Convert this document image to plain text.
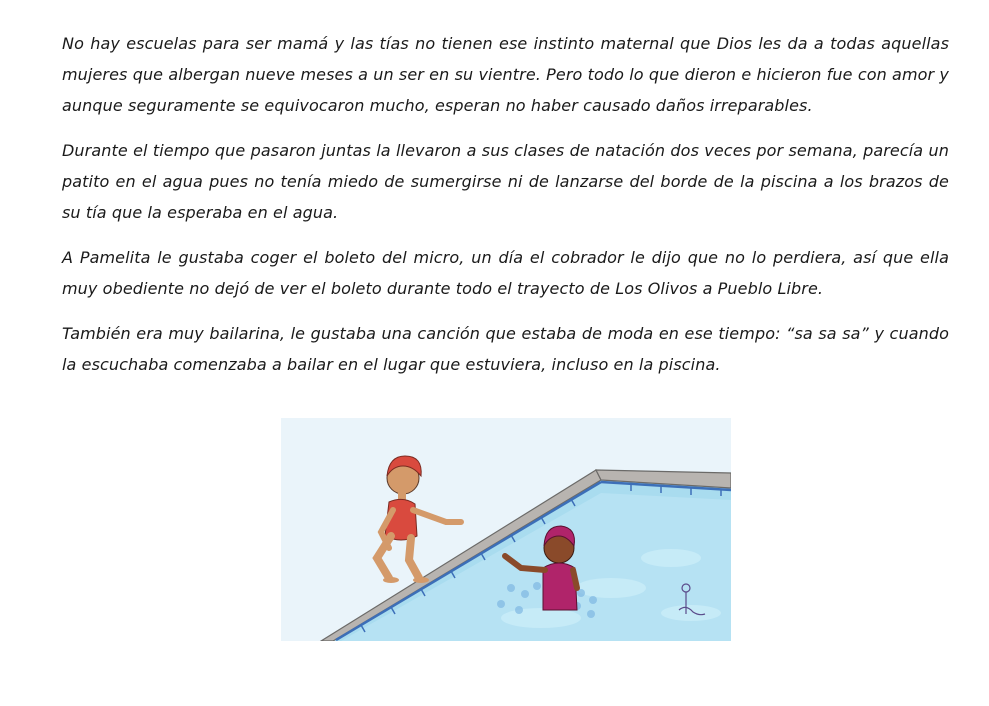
No hay escuelas para ser mamá y las tías no tienen ese instinto maternal que Dios les da a todas aquellas mujeres que albergan nueve meses a un ser en su vientre. Pero todo lo que dieron e hicieron fue con amor y aunque seguramente se equivocaron mucho, esperan no haber causado daños irreparables.

Durante el tiempo que pasaron juntas la llevaron a sus clases de natación dos veces por semana, parecía un patito en el agua pues no tenía miedo de sumergirse ni de lanzarse del borde de la piscina a los brazos de su tía que la esperaba en el agua.

A Pamelita le gustaba coger el boleto del micro, un día el cobrador le dijo que no lo perdiera, así que ella muy obediente no dejó de ver el boleto durante todo el trayecto de Los Olivos a Pueblo Libre.

También era muy bailarina, le gustaba una canción que estaba de moda en ese tiempo: “sa sa sa” y cuando la escuchaba comenzaba a bailar en el lugar que estuviera, incluso en la piscina.
